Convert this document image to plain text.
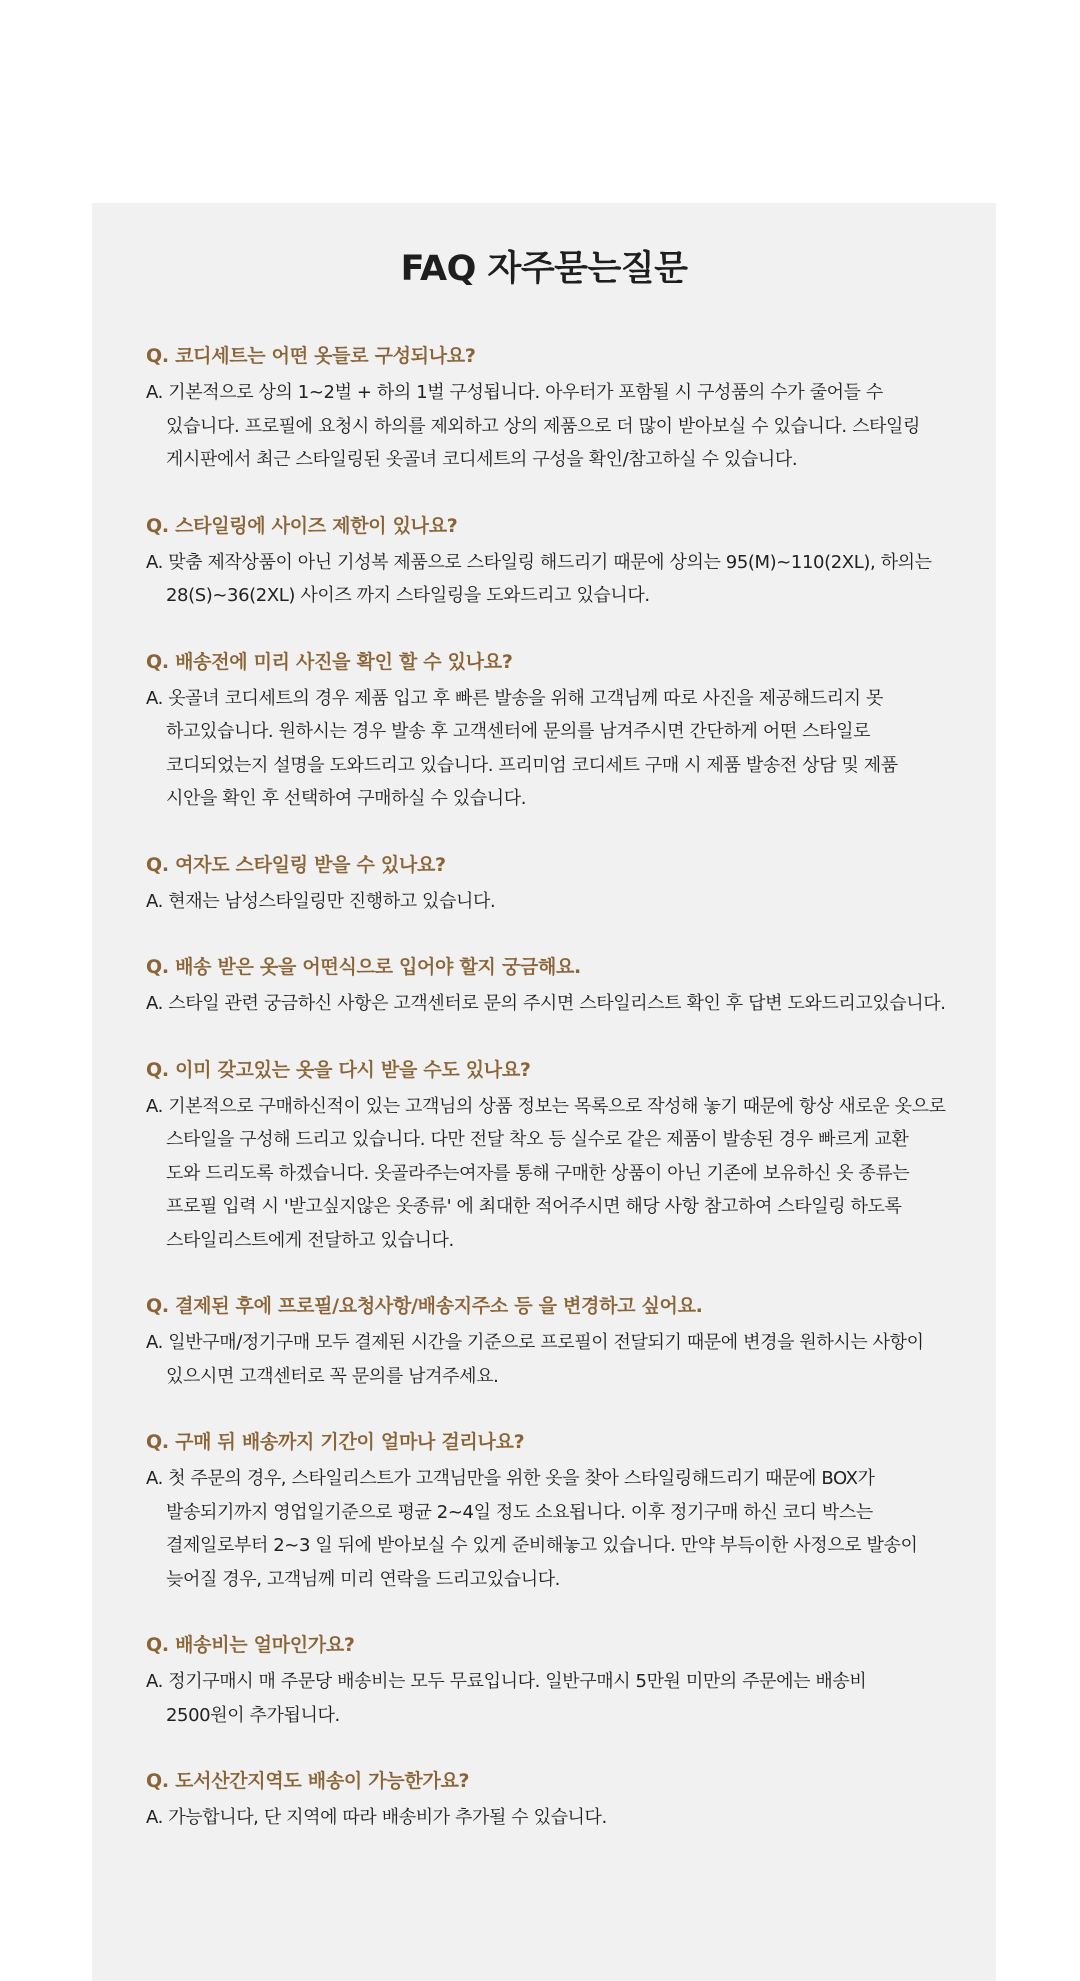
FAQ 자주묻는질문

Q. 코디세트는 어떤 옷들로 구성되나요?

A. 기본적으로 상의 1~2벌 + 하의 1벌 구성됩니다. 아우터가 포함될 시 구성품의 수가 줄어들 수 있습니다. 프로필에 요청시 하의를 제외하고 상의 제품으로 더 많이 받아보실 수 있습니다. 스타일링 게시판에서 최근 스타일링된 옷골녀 코디세트의 구성을 확인/참고하실 수 있습니다.

Q. 스타일링에 사이즈 제한이 있나요?

A. 맞춤 제작상품이 아닌 기성복 제품으로 스타일링 해드리기 때문에 상의는 95(M)~110(2XL), 하의는 28(S)~36(2XL) 사이즈 까지 스타일링을 도와드리고 있습니다.

Q. 배송전에 미리 사진을 확인 할 수 있나요?

A. 옷골녀 코디세트의 경우 제품 입고 후 빠른 발송을 위해 고객님께 따로 사진을 제공해드리지 못 하고있습니다. 원하시는 경우 발송 후 고객센터에 문의를 남겨주시면 간단하게 어떤 스타일로 코디되었는지 설명을 도와드리고 있습니다. 프리미엄 코디세트 구매 시 제품 발송전 상담 및 제품 시안을 확인 후 선택하여 구매하실 수 있습니다.

Q. 여자도 스타일링 받을 수 있나요?

A. 현재는 남성스타일링만 진행하고 있습니다.

Q. 배송 받은 옷을 어떤식으로 입어야 할지 궁금해요.

A. 스타일 관련 궁금하신 사항은 고객센터로 문의 주시면 스타일리스트 확인 후 답변 도와드리고있습니다.

Q. 이미 갖고있는 옷을 다시 받을 수도 있나요?

A. 기본적으로 구매하신적이 있는 고객님의 상품 정보는 목록으로 작성해 놓기 때문에 항상 새로운 옷으로 스타일을 구성해 드리고 있습니다. 다만 전달 착오 등 실수로 같은 제품이 발송된 경우 빠르게 교환 도와 드리도록 하겠습니다. 옷골라주는여자를 통해 구매한 상품이 아닌 기존에 보유하신 옷 종류는 프로필 입력 시 '받고싶지않은 옷종류' 에 최대한 적어주시면 해당 사항 참고하여 스타일링 하도록 스타일리스트에게 전달하고 있습니다.

Q. 결제된 후에 프로필/요청사항/배송지주소 등 을 변경하고 싶어요.

A. 일반구매/정기구매 모두 결제된 시간을 기준으로 프로필이 전달되기 때문에 변경을 원하시는 사항이 있으시면 고객센터로 꼭 문의를 남겨주세요.

Q. 구매 뒤 배송까지 기간이 얼마나 걸리나요?

A. 첫 주문의 경우, 스타일리스트가 고객님만을 위한 옷을 찾아 스타일링해드리기 때문에 BOX가 발송되기까지 영업일기준으로 평균 2~4일 정도 소요됩니다. 이후 정기구매 하신 코디 박스는 결제일로부터 2~3 일 뒤에 받아보실 수 있게 준비해놓고 있습니다. 만약 부득이한 사정으로 발송이 늦어질 경우, 고객님께 미리 연락을 드리고있습니다.

Q. 배송비는 얼마인가요?

A. 정기구매시 매 주문당 배송비는 모두 무료입니다. 일반구매시 5만원 미만의 주문에는 배송비 2500원이 추가됩니다.

Q. 도서산간지역도 배송이 가능한가요?

A. 가능합니다, 단 지역에 따라 배송비가 추가될 수 있습니다.
